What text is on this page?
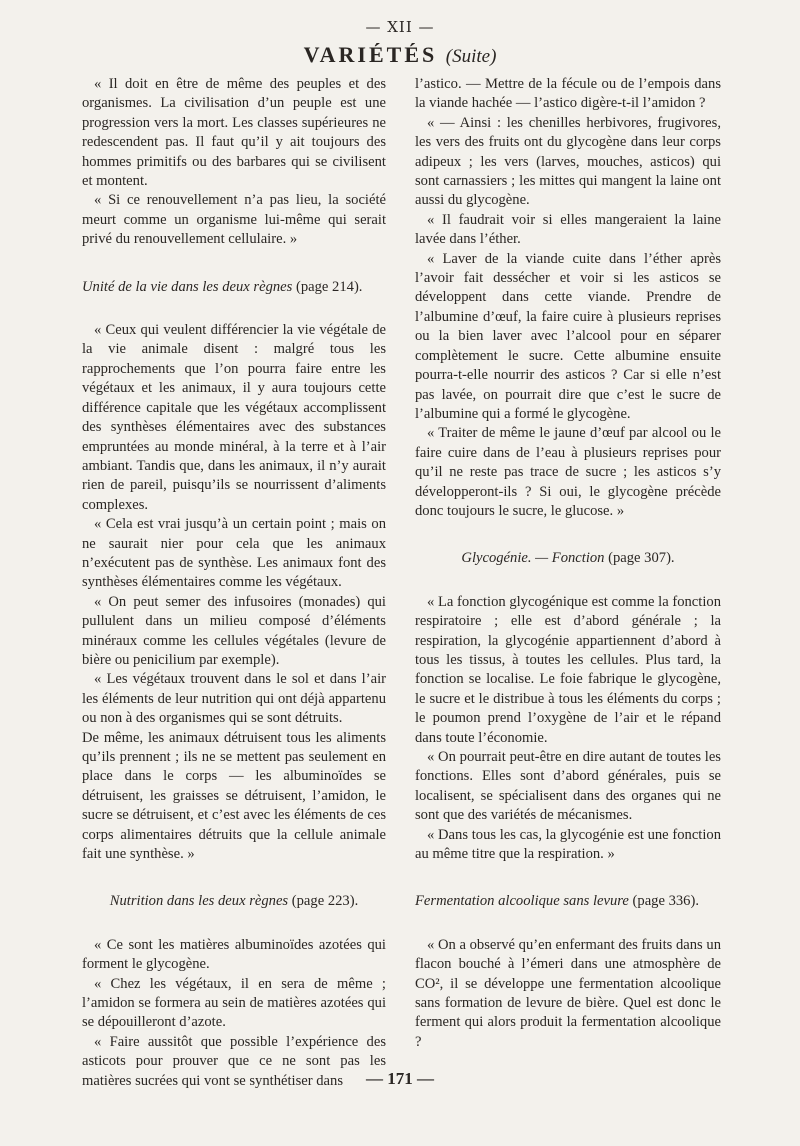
— XII —
VARIÉTÉS (Suite)

« Il doit en être de même des peuples et des organismes. La civilisation d’un peuple est une progression vers la mort. Les classes supérieures ne redescendent pas. Il faut qu’il y ait toujours des hommes primitifs ou des barbares qui se civilisent et montent.

« Si ce renouvellement n’a pas lieu, la société meurt comme un organisme lui-même qui serait privé du renouvellement cellulaire. »

Unité de la vie dans les deux règnes (page 214).

« Ceux qui veulent différencier la vie végétale de la vie animale disent : malgré tous les rapprochements que l’on pourra faire entre les végétaux et les animaux, il y aura toujours cette différence capitale que les végétaux accomplissent des synthèses élémentaires avec des substances empruntées au monde minéral, à la terre et à l’air ambiant. Tandis que, dans les animaux, il n’y aurait rien de pareil, puisqu’ils se nourrissent d’aliments complexes.

« Cela est vrai jusqu’à un certain point ; mais on ne saurait nier pour cela que les animaux n’exécutent pas de synthèse. Les animaux font des synthèses élémentaires comme les végétaux.

« On peut semer des infusoires (monades) qui pullulent dans un milieu composé d’éléments minéraux comme les cellules végétales (levure de bière ou penicilium par exemple).

« Les végétaux trouvent dans le sol et dans l’air les éléments de leur nutrition qui ont déjà appartenu ou non à des organismes qui se sont détruits.

De même, les animaux détruisent tous les aliments qu’ils prennent ; ils ne se mettent pas seulement en place dans le corps — les albuminoïdes se détruisent, les graisses se détruisent, l’amidon, le sucre se détruisent, et c’est avec les éléments de ces corps alimentaires détruits que la cellule animale fait une synthèse. »

Nutrition dans les deux règnes (page 223).

« Ce sont les matières albuminoïdes azotées qui forment le glycogène.

« Chez les végétaux, il en sera de même ; l’amidon se formera au sein de matières azotées qui se dépouilleront d’azote.

« Faire aussitôt que possible l’expérience des asticots pour prouver que ce ne sont pas les matières sucrées qui vont se synthétiser dans

l’astico. — Mettre de la fécule ou de l’empois dans la viande hachée — l’astico digère-t-il l’amidon ?

« — Ainsi : les chenilles herbivores, frugivores, les vers des fruits ont du glycogène dans leur corps adipeux ; les vers (larves, mouches, asticos) qui sont carnassiers ; les mittes qui mangent la laine ont aussi du glycogène.

« Il faudrait voir si elles mangeraient la laine lavée dans l’éther.

« Laver de la viande cuite dans l’éther après l’avoir fait dessécher et voir si les asticos se développent dans cette viande. Prendre de l’albumine d’œuf, la faire cuire à plusieurs reprises ou la bien laver avec l’alcool pour en séparer complètement le sucre. Cette albumine ensuite pourra-t-elle nourrir des asticos ? Car si elle n’est pas lavée, on pourrait dire que c’est le sucre de l’albumine qui a formé le glycogène.

« Traiter de même le jaune d’œuf par alcool ou le faire cuire dans de l’eau à plusieurs reprises pour qu’il ne reste pas trace de sucre ; les asticos s’y développeront-ils ? Si oui, le glycogène précède donc toujours le sucre, le glucose. »

Glycogénie. — Fonction (page 307).

« La fonction glycogénique est comme la fonction respiratoire ; elle est d’abord générale ; la respiration, la glycogénie appartiennent d’abord à tous les tissus, à toutes les cellules. Plus tard, la fonction se localise. Le foie fabrique le glycogène, le sucre et le distribue à tous les éléments du corps ; le poumon prend l’oxygène de l’air et le répand dans toute l’économie.

« On pourrait peut-être en dire autant de toutes les fonctions. Elles sont d’abord générales, puis se localisent, se spécialisent dans des organes qui ne sont que des variétés de mécanismes.

« Dans tous les cas, la glycogénie est une fonction au même titre que la respiration. »

Fermentation alcoolique sans levure (page 336).

« On a observé qu’en enfermant des fruits dans un flacon bouché à l’émeri dans une atmosphère de CO², il se développe une fermentation alcoolique sans formation de levure de bière. Quel est donc le ferment qui alors produit la fermentation alcoolique ?

— 171 —
